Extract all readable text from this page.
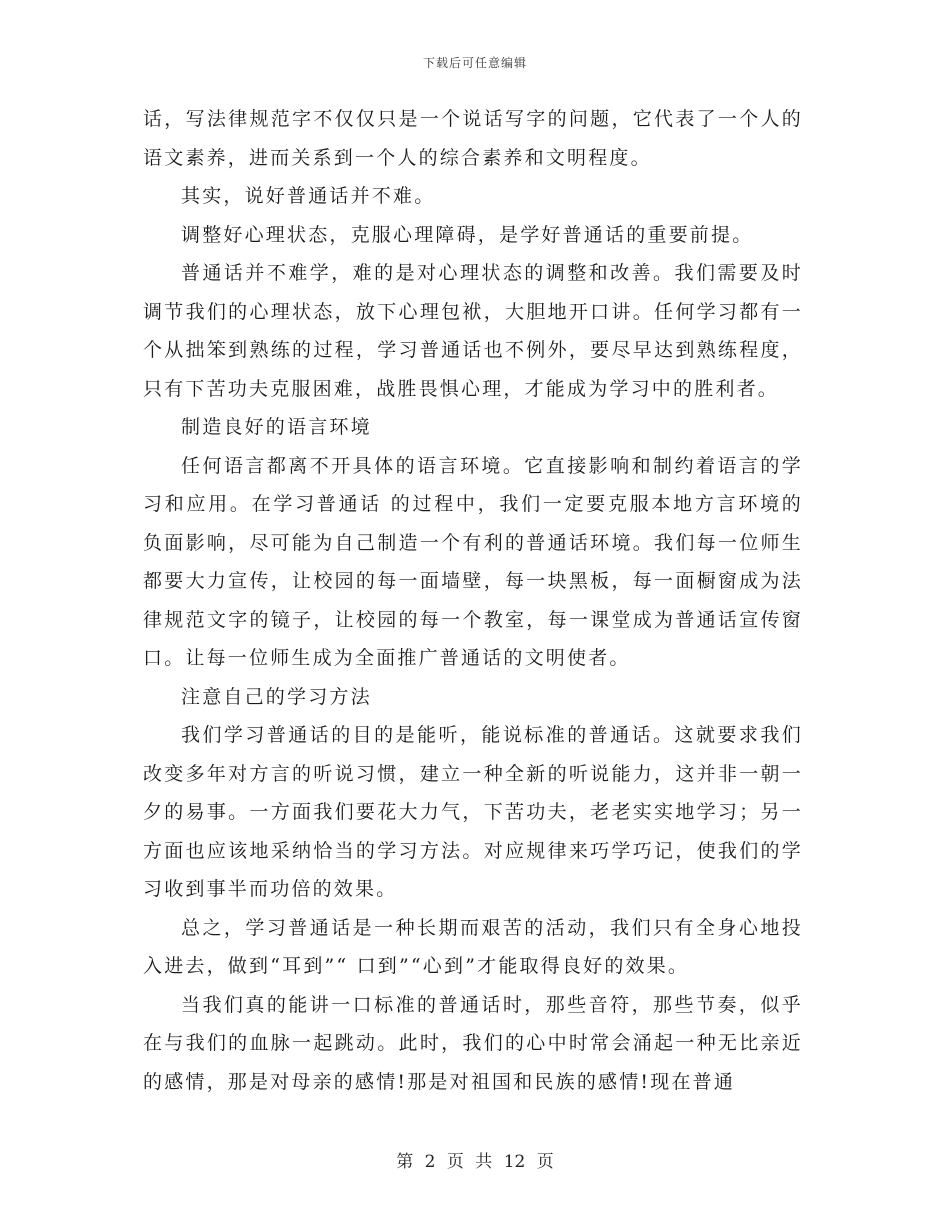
下载后可任意编辑

话，写法律规范字不仅仅只是一个说话写字的问题，它代表了一个人的语文素养，进而关系到一个人的综合素养和文明程度。

其实，说好普通话并不难。

调整好心理状态，克服心理障碍，是学好普通话的重要前提。

普通话并不难学，难的是对心理状态的调整和改善。我们需要及时调节我们的心理状态，放下心理包袱，大胆地开口讲。任何学习都有一个从拙笨到熟练的过程，学习普通话也不例外，要尽早达到熟练程度，只有下苦功夫克服困难，战胜畏惧心理，才能成为学习中的胜利者。

制造良好的语言环境

任何语言都离不开具体的语言环境。它直接影响和制约着语言的学习和应用。在学习普通话 的过程中，我们一定要克服本地方言环境的负面影响，尽可能为自己制造一个有利的普通话环境。我们每一位师生都要大力宣传，让校园的每一面墙壁，每一块黑板，每一面橱窗成为法律规范文字的镜子，让校园的每一个教室，每一课堂成为普通话宣传窗口。让每一位师生成为全面推广普通话的文明使者。

注意自己的学习方法

我们学习普通话的目的是能听，能说标准的普通话。这就要求我们改变多年对方言的听说习惯，建立一种全新的听说能力，这并非一朝一夕的易事。一方面我们要花大力气，下苦功夫，老老实实地学习；另一方面也应该地采纳恰当的学习方法。对应规律来巧学巧记，使我们的学习收到事半而功倍的效果。

总之，学习普通话是一种长期而艰苦的活动，我们只有全身心地投入进去，做到“耳到”“ 口到”“心到”才能取得良好的效果。

当我们真的能讲一口标准的普通话时，那些音符，那些节奏，似乎在与我们的血脉一起跳动。此时，我们的心中时常会涌起一种无比亲近的感情，那是对母亲的感情!那是对祖国和民族的感情!现在普通

第 2 页 共 12 页
